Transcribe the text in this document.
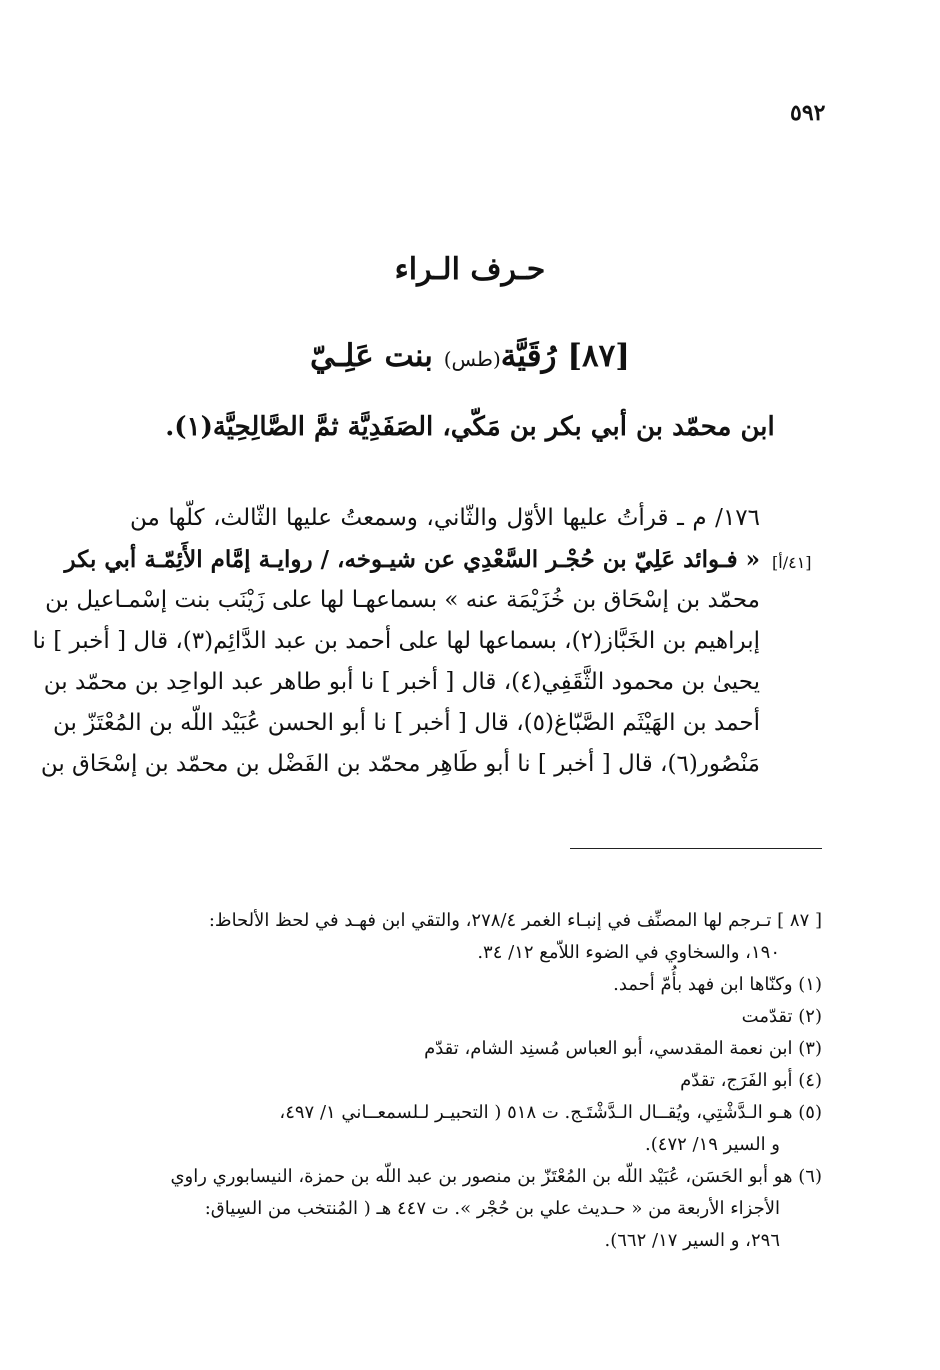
٥٩٢
حـرف الـراء
[٨٧] رُقَيَّة(طس) بنت عَلِـيّ
ابن محمّد بن أبي بكر بن مَكّي، الصَفَدِيَّة ثمَّ الصَّالِحِيَّة(١).
[٤١/أ]
١٧٦/ م ـ قرأتُ عليها الأوّل والثّاني، وسمعتُ عليها الثّالث، كلّها من
« فـوائد عَلِيّ بن حُجْـر السَّعْدِي عن شيـوخه، / روايـة إمَّام الأَئِمّـة أبي بكر
محمّد بن إسْحَاق بن خُزَيْمَة عنه » بسماعهـا لها على زَيْنَب بنت إسْمـاعيل بن
إبراهيم بن الخَبَّاز(٢)، بسماعها لها على أحمد بن عبد الدَّائِم(٣)، قال [ أخبر ] نا
يحيىٰ بن محمود الثَّقَفِي(٤)، قال [ أخبر ] نا أبو طاهر عبد الواحِد بن محمّد بن
أحمد بن الهَيْثَم الصَّبّاغ(٥)، قال [ أخبر ] نا أبو الحسن عُبَيْد اللّه بن المُعْتَزّ بن
مَنْصُور(٦)، قال [ أخبر ] نا أبو طَاهِر محمّد بن الفَضْل بن محمّد بن إسْحَاق بن
[ ٨٧ ] تـرجم لها المصنِّف في إنبـاء الغمر ٢٧٨/٤، والتقي ابن فهـد في لحظ الألحاظ:
١٩٠، والسخاوي في الضوء اللاّمع ١٢/ ٣٤.
(١) وكنّاها ابن فهد بأُمّ أحمد.
(٢) تقدّمت
(٣) ابن نعمة المقدسي، أبو العباس مُسنِد الشام، تقدّم
(٤) أبو الفَرَج، تقدّم
(٥) هـو الـدَّشْتِي، ويُقــال الـدَّشْتَـج. ت ٥١٨ ( التحبيـر لـلسمعــاني ١/ ٤٩٧،
و السير ١٩/ ٤٧٢).
(٦) هو أبو الحَسَن، عُبَيْد اللّه بن المُعْتَزّ بن منصور بن عبد اللّه بن حمزة، النيسابوري راوي
الأجزاء الأربعة من « حـديث علي بن حُجْر ». ت ٤٤٧ هـ ( المُنتخب من السِياق:
٢٩٦، و السير ١٧/ ٦٦٢).
